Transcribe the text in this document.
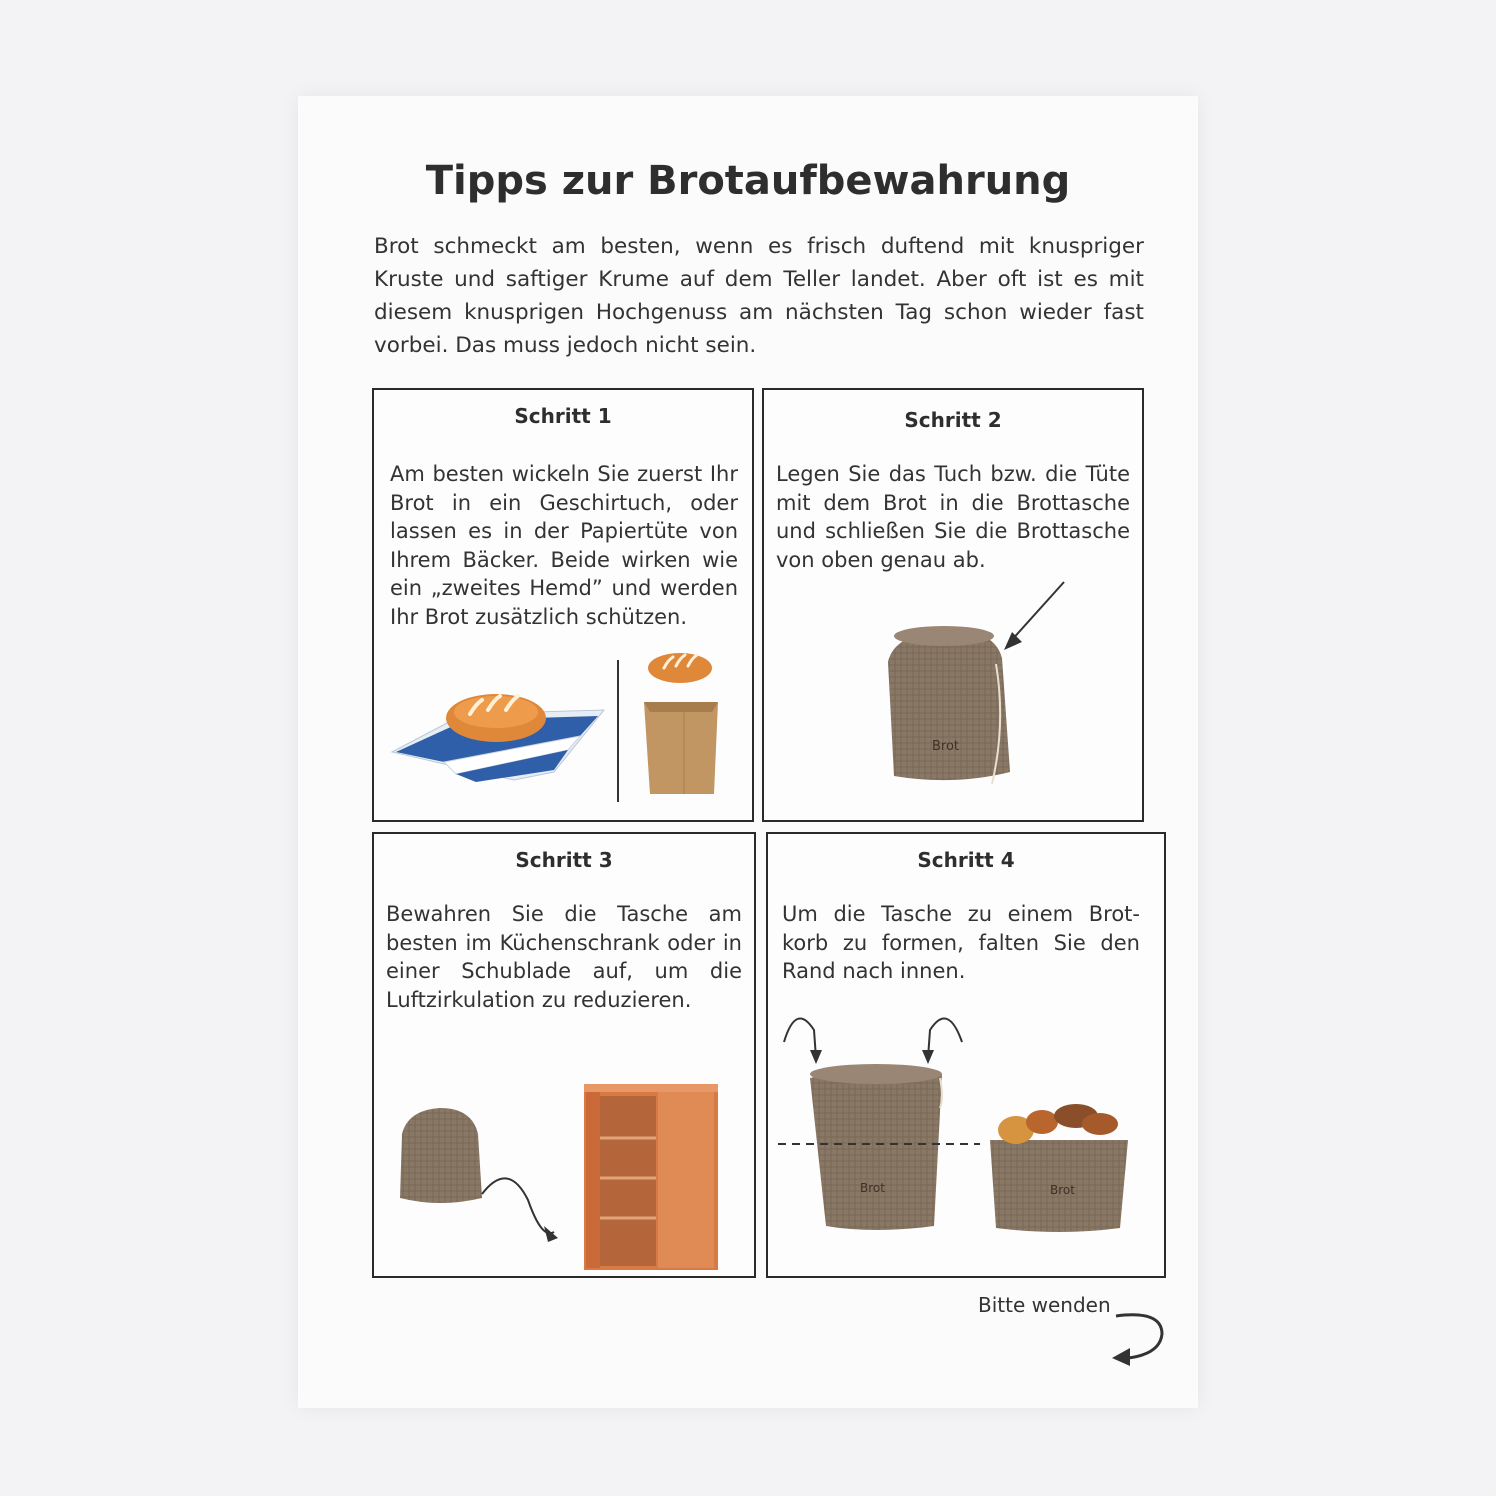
Tipps zur Brotaufbewahrung
Brot schmeckt am besten, wenn es frisch duftend mit knuspriger Kruste und saftiger Krume auf dem Teller landet. Aber oft ist es mit diesem knusprigen Hochgenuss am nächsten Tag schon wieder fast vorbei. Das muss jedoch nicht sein.
Schritt 1
Am besten wickeln Sie zuerst Ihr Brot in ein Geschirtuch, oder lassen es in der Papiertüte von Ihrem Bäcker. Beide wirken wie ein „zweites Hemd” und werden Ihr Brot zusätzlich schützen.
Schritt 2
Legen Sie das Tuch bzw. die Tüte mit dem Brot in die Brottasche und schließen Sie die Brottasche von oben genau ab.
Brot
Schritt 3
Bewahren Sie die Tasche am besten im Küchenschrank oder in einer Schublade auf, um die Luftzirkulation zu reduzieren.
Schritt 4
Um die Tasche zu einem Brot-korb zu formen, falten Sie den Rand nach innen.
Brot	Brot
Bitte wenden
